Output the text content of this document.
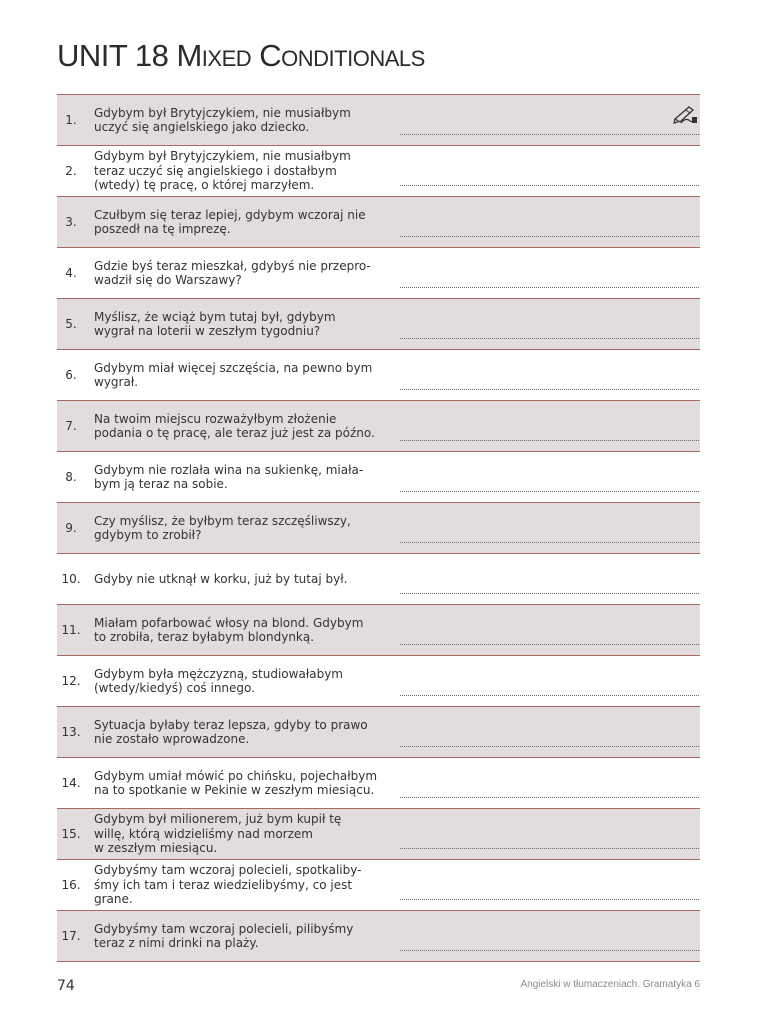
UNIT 18 Mixed Conditionals
1.
Gdybym był Brytyjczykiem, nie musiałbym
uczyć się angielskiego jako dziecko.
2.
Gdybym był Brytyjczykiem, nie musiałbym
teraz uczyć się angielskiego i dostałbym
(wtedy) tę pracę, o której marzyłem.
3.
Czułbym się teraz lepiej, gdybym wczoraj nie
poszedł na tę imprezę.
4.
Gdzie byś teraz mieszkał, gdybyś nie przepro-
wadził się do Warszawy?
5.
Myślisz, że wciąż bym tutaj był, gdybym
wygrał na loterii w zeszłym tygodniu?
6.
Gdybym miał więcej szczęścia, na pewno bym
wygrał.
7.
Na twoim miejscu rozważyłbym złożenie
podania o tę pracę, ale teraz już jest za późno.
8.
Gdybym nie rozlała wina na sukienkę, miała-
bym ją teraz na sobie.
9.
Czy myślisz, że byłbym teraz szczęśliwszy,
gdybym to zrobił?
10.	Gdyby nie utknął w korku, już by tutaj był.
11.
Miałam pofarbować włosy na blond. Gdybym
to zrobiła, teraz byłabym blondynką.
12.
Gdybym była mężczyzną, studiowałabym
(wtedy/kiedyś) coś innego.
13.
Sytuacja byłaby teraz lepsza, gdyby to prawo
nie zostało wprowadzone.
14.
Gdybym umiał mówić po chińsku, pojechałbym
na to spotkanie w Pekinie w zeszłym miesiącu.
15.
Gdybym był milionerem, już bym kupił tę
willę, którą widzieliśmy nad morzem
w zeszłym miesiącu.
16.
Gdybyśmy tam wczoraj polecieli, spotkaliby-
śmy ich tam i teraz wiedzielibyśmy, co jest
grane.
17.
Gdybyśmy tam wczoraj polecieli, pilibyśmy
teraz z nimi drinki na plaży.
74	Angielski w tłumaczeniach. Gramatyka 6
